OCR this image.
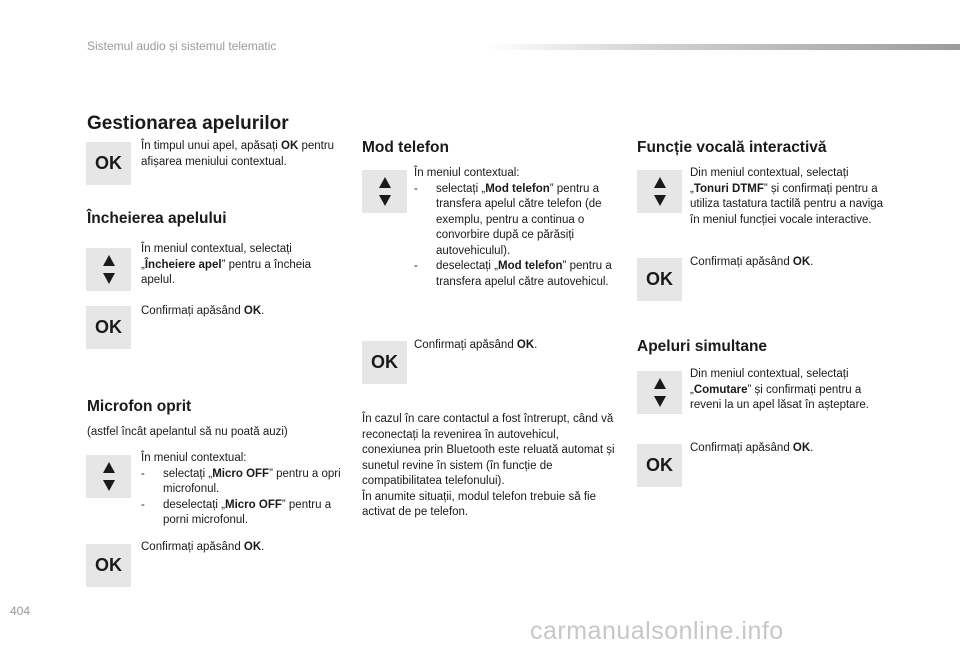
Sistemul audio și sistemul telematic
Gestionarea apelurilor
OK
În timpul unui apel, apăsați OK pentru afișarea meniului contextual.
Încheierea apelului
În meniul contextual, selectați „Încheiere apel” pentru a încheia apelul.
OK
Confirmați apăsând OK.
Microfon oprit
(astfel încât apelantul să nu poată auzi)
În meniul contextual:
- selectați „Micro OFF” pentru a opri microfonul.
- deselectați „Micro OFF” pentru a porni microfonul.
OK
Confirmați apăsând OK.
Mod telefon
În meniul contextual:
- selectați „Mod telefon” pentru a transfera apelul către telefon (de exemplu, pentru a continua o convorbire după ce părăsiți autovehiculul).
- deselectați „Mod telefon” pentru a transfera apelul către autovehicul.
OK
Confirmați apăsând OK.
În cazul în care contactul a fost întrerupt, când vă reconectați la revenirea în autovehicul, conexiunea prin Bluetooth este reluată automat și sunetul revine în sistem (în funcție de compatibilitatea telefonului).
În anumite situații, modul telefon trebuie să fie activat de pe telefon.
Funcție vocală interactivă
Din meniul contextual, selectați „Tonuri DTMF” și confirmați pentru a utiliza tastatura tactilă pentru a naviga în meniul funcției vocale interactive.
OK
Confirmați apăsând OK.
Apeluri simultane
Din meniul contextual, selectați „Comutare” și confirmați pentru a reveni la un apel lăsat în așteptare.
OK
Confirmați apăsând OK.
404
carmanualsonline.info
